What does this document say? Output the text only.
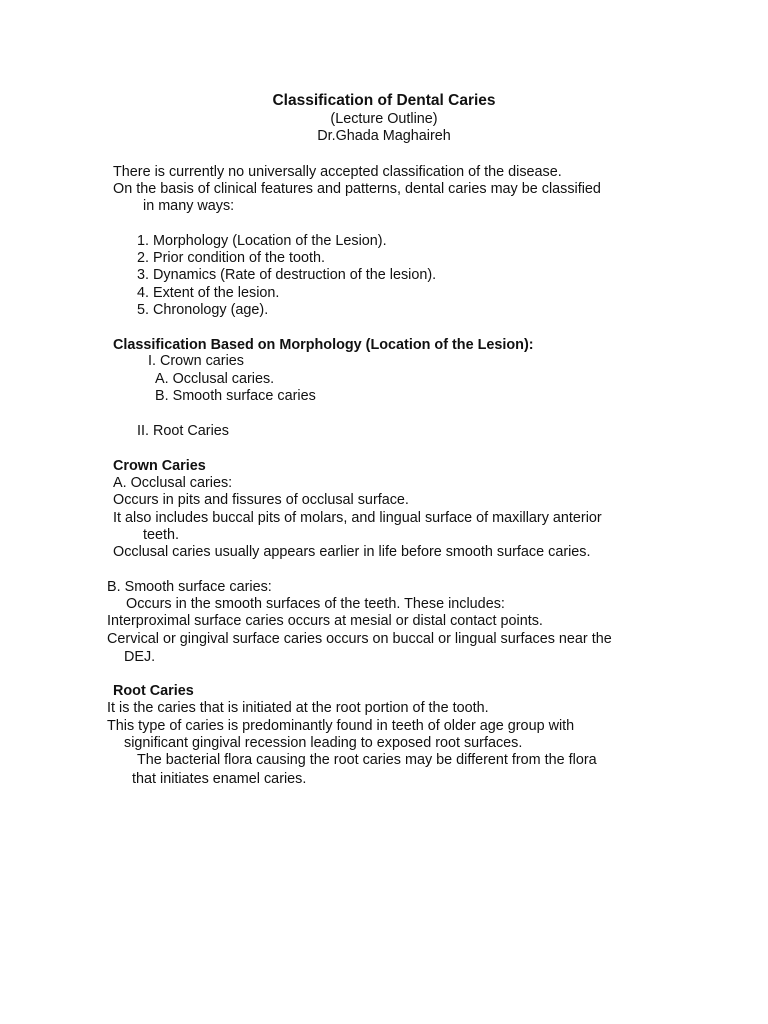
Classification of Dental Caries
(Lecture Outline)
Dr.Ghada Maghaireh
There is currently no universally accepted classification of the disease.
On the basis of clinical features and patterns, dental caries may be classified
in many ways:
1. Morphology (Location of the Lesion).
2. Prior condition of the tooth.
3. Dynamics (Rate of destruction of the lesion).
4. Extent of the lesion.
5. Chronology (age).
Classification Based on Morphology (Location of the Lesion):
I. Crown caries
A. Occlusal caries.
B. Smooth surface caries
II. Root Caries
Crown Caries
A. Occlusal caries:
Occurs in pits and fissures of occlusal surface.
It also includes buccal pits of molars, and lingual surface of maxillary anterior
teeth.
Occlusal caries usually appears earlier in life before smooth surface caries.
B. Smooth surface caries:
Occurs in the smooth surfaces of the teeth. These includes:
Interproximal surface caries occurs at mesial or distal contact points.
Cervical or gingival surface caries occurs on buccal or lingual surfaces near the
DEJ.
Root Caries
It is the caries that is initiated at the root portion of the tooth.
This type of caries is predominantly found in teeth of older age group with
significant gingival recession leading to exposed root surfaces.
The bacterial flora causing the root caries may be different from the flora
that initiates enamel caries.
